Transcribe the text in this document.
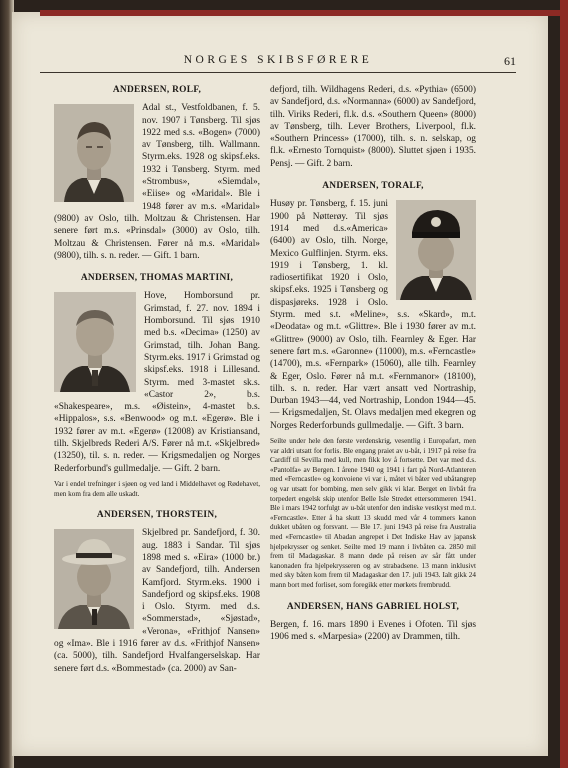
NORGES SKIBSFØRERE	61
ANDERSEN, ROLF,

Adal st., Vestfoldbanen, f. 5. nov. 1907 i Tønsberg. Til sjøs 1922 med s.s. «Bogen» (7000) av Tønsberg, tilh. Wallmann. Styrm.eks. 1928 og skipsf.eks. 1932 i Tønsberg. Styrm. med «Strombus», «Siemdal», «Eiise» og «Maridal». Ble i 1948 fører av m.s. «Maridal» (9800) av Oslo, tilh. Moltzau & Christensen. Har senere ført m.s. «Prinsdal» (3000) av Oslo, tilh. Moltzau & Christensen. Fører nå m.s. «Maridal» (9800), tilh. s. n. reder. — Gift. 1 barn.

ANDERSEN, THOMAS MARTINI,

Hove, Homborsund pr. Grimstad, f. 27. nov. 1894 i Homborsund. Til sjøs 1910 med b.s. «Decima» (1250) av Grimstad, tilh. Johan Bang. Styrm.eks. 1917 i Grimstad og skipsf.eks. 1918 i Lillesand. Styrm. med 3-mastet sk.s. «Castor 2», b.s. «Shakespeare», m.s. «Øistein», 4-mastet b.s. «Hippalos», s.s. «Benwood» og m.t. «Egerø». Ble i 1932 fører av m.t. «Egerø» (12008) av Kristiansand, tilh. Skjelbreds Rederi A/S. Fører nå m.t. «Skjelbred» (13250), til. s. n. reder. — Krigsmedaljen og Norges Rederforbund's gullmedalje. — Gift. 2 barn.

Var i endel trefninger i sjøen og ved land i Middelhavet og Rødehavet, men kom fra dem alle uskadt.

ANDERSEN, THORSTEIN,

Skjelbred pr. Sandefjord, f. 30. aug. 1883 i Sandar. Til sjøs 1898 med s. «Eira» (1000 br.) av Sandefjord, tilh. Andersen Kamfjord. Styrm.eks. 1900 i Sandefjord og skipsf.eks. 1908 i Oslo. Styrm. med d.s. «Sommerstad», «Sjøstad», «Verona», «Frithjof Nansen» og «Ima». Ble i 1916 fører av d.s. «Frithjof Nansen» (ca. 5000), tilh. Sandefjord Hvalfangerselskap. Har senere ført d.s. «Bommestad» (ca. 2000) av San-

defjord, tilh. Wildhagens Rederi, d.s. «Pythia» (6500) av Sandefjord, d.s. «Normanna» (6000) av Sandefjord, tilh. Viriks Rederi, fl.k. d.s. «Southern Queen» (8000) av Tønsberg, tilh. Lever Brothers, Liverpool, fl.k. «Southern Princess» (17000), tilh. s. n. selskap, og fl.k. «Ernesto Tornquist» (8000). Sluttet sjøen i 1935. Pensj. — Gift. 2 barn.

ANDERSEN, TORALF,

Husøy pr. Tønsberg, f. 15. juni 1900 på Nøtterøy. Til sjøs 1914 med d.s.«America» (6400) av Oslo, tilh. Norge, Mexico Gulflinjen. Styrm. eks. 1919 i Tønsberg, 1. kl. radiosertifikat 1920 i Oslo, skipsf.eks. 1925 i Tønsberg og dispasjøreks. 1928 i Oslo. Styrm. med s.t. «Meline», s.s. «Skard», m.t. «Deodata» og m.t. «Glittre». Ble i 1930 fører av m.t. «Glittre» (9000) av Oslo, tilh. Fearnley & Eger. Har senere ført m.s. «Garonne» (11000), m.s. «Ferncastle» (14700), m.s. «Fernpark» (15060), alle tilh. Fearnley & Eger, Oslo. Fører nå m.t. «Fernmanor» (18100), tilh. s. n. reder. Har vært ansatt ved Nortraship, Durban 1943—44, ved Nortraship, London 1944—45. — Krigsmedaljen, St. Olavs medaljen med ekegren og Norges Rederforbunds gullmedalje. — Gift. 3 barn.

Seilte under hele den første verdenskrig, vesentlig i Europafart, men var aldri utsatt for forlis. Ble engang praiet av u-båt, i 1917 på reise fra Cardiff til Sevilla med kull, men fikk lov å fortsette. Det var med d.s. «Pantolfa» av Bergen. I årene 1940 og 1941 i fart på Nord-Atlanteren med «Ferncastle» og konvoiene vi var i, måtet vi båter ved ubåtangrep og var utsatt for bombing, men selv gikk vi klar. Berget en livbåt fra torpedert engelsk skip utenfor Belle Isle Stredet ettersommeren 1941. Ble i mars 1942 torfulgt av u-båt utenfor den indiske vestkyst med m.t. «Ferncastle». Etter å ha skutt 13 skudd med vår 4 tommers kanon dukket ubåten og forsvant. — Ble 17. juni 1943 på reise fra Australia med «Ferncastle» til Abadan angrepet i Det Indiske Hav av japansk hjelpekrysser og senket. Seilte med 19 mann i livbåten ca. 2850 mil frem til Madagaskar. 8 mann døde på reisen av sår fått under kanonaden fra hjelpekrysseren og av strabadsene. 13 mann inklusivt med sky båten kom frem til Madagaskar den 17. juli 1943. Ialt gikk 24 mann bort med forliset, som foregikk etter mørkets frembrudd.

ANDERSEN, HANS GABRIEL HOLST,

Bergen, f. 16. mars 1890 i Evenes i Ofoten. Til sjøs 1906 med s. «Marpesia» (2200) av Drammen, tilh.
